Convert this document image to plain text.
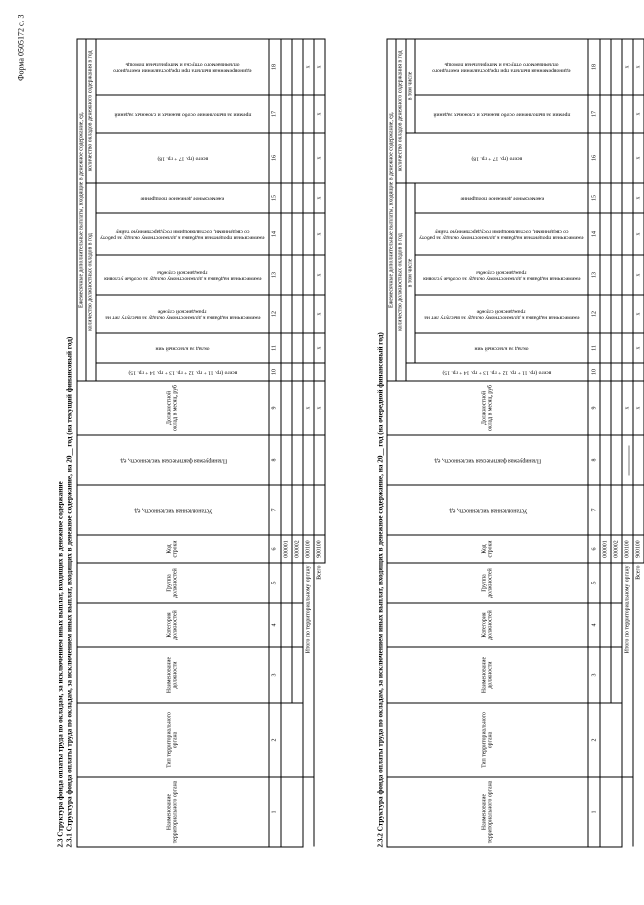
Форма 0505172 с. 3
2.3 Структура фонда оплаты труда по окладам, за исключением иных выплат, входящих в денежное содержание 2.3.1 Структура фонда оплаты труда по окладам, за исключением иных выплат, входящих в денежное содержание, на 20__ год (на текущий финансовый год)	2.3.2 Структура фонда оплаты труда по окладам, за исключением иных выплат, входящих в денежное содержание, на 20__ год (на очередной финансовый год)
Наименование территориального органа	Тип территориального органа	Наименование должности	Категория должностей	Группа должностей	Код строки	Установленная численность, ед.	Планируемая фактическая численность, ед.	Должностной оклад в месяц, руб	Ежемесячные дополнительные выплаты, входящие в денежное содержание, ед.								
									количество должностных окладов в год						количество окладов денежного содержания в год		

									всего (гр. 11 + гр. 12 + гр. 13 + гр. 14 + гр. 15)	оклад за классный чин	ежемесячная надбавка к должностному окладу за выслугу лет на гражданской службе	ежемесячная надбавка к должностному окладу за особые условия гражданской службы	ежемесячная процентная надбавка к должностному окладу за работу со сведениями, составляющими государственную тайну	ежемесячное денежное поощрение	всего (гр. 17 + гр. 18)	премии за выполнение особо важных и сложных заданий	единовременная выплата при предоставлении ежегодного оплачиваемого отпуска и материальная помощь

1	2	3	4	5	6	7	8	9	10	11	12	13	14	15	16	17	18
					000001												
					000002												
	Итого по территориальному органу				000100			x									x
Всего					900100			x		x	x	x	x	x	x	x	x
Наименование территориального органа	Тип территориального органа	Наименование должности	Категория должностей	Группа должностей	Код строки	Установленная численность, ед.	Планируемая фактическая численность, ед.	Должностной оклад в месяц, руб	Ежемесячные дополнительные выплаты, входящие в денежное содержание, ед.								
									количество должностных окладов в год						количество окладов денежного содержания в год		

									всего (гр. 11 + гр. 12 + гр. 13 + гр. 14 + гр. 15)	в том числе					всего (гр. 17 + гр. 18)	в том числе	

										оклад за классный чин	ежемесячная надбавка к должностному окладу за выслугу лет на гражданской службе	ежемесячная надбавка к должностному окладу за особые условия гражданской службы	ежемесячная процентная надбавка к должностному окладу за работу со сведениями, составляющими государственную тайну	ежемесячное денежное поощрение		премии за выполнение особо важных и сложных заданий	единовременная выплата при предоставлении ежегодного оплачиваемого отпуска и материальная помощь

1	2	3	4	5	6	7	8	9	10	11	12	13	14	15	16	17	18
					000001												
					000002												
	Итого по территориальному органу				000100			x									x
Всего					900100			x		x	x	x	x	x	x	x	x
